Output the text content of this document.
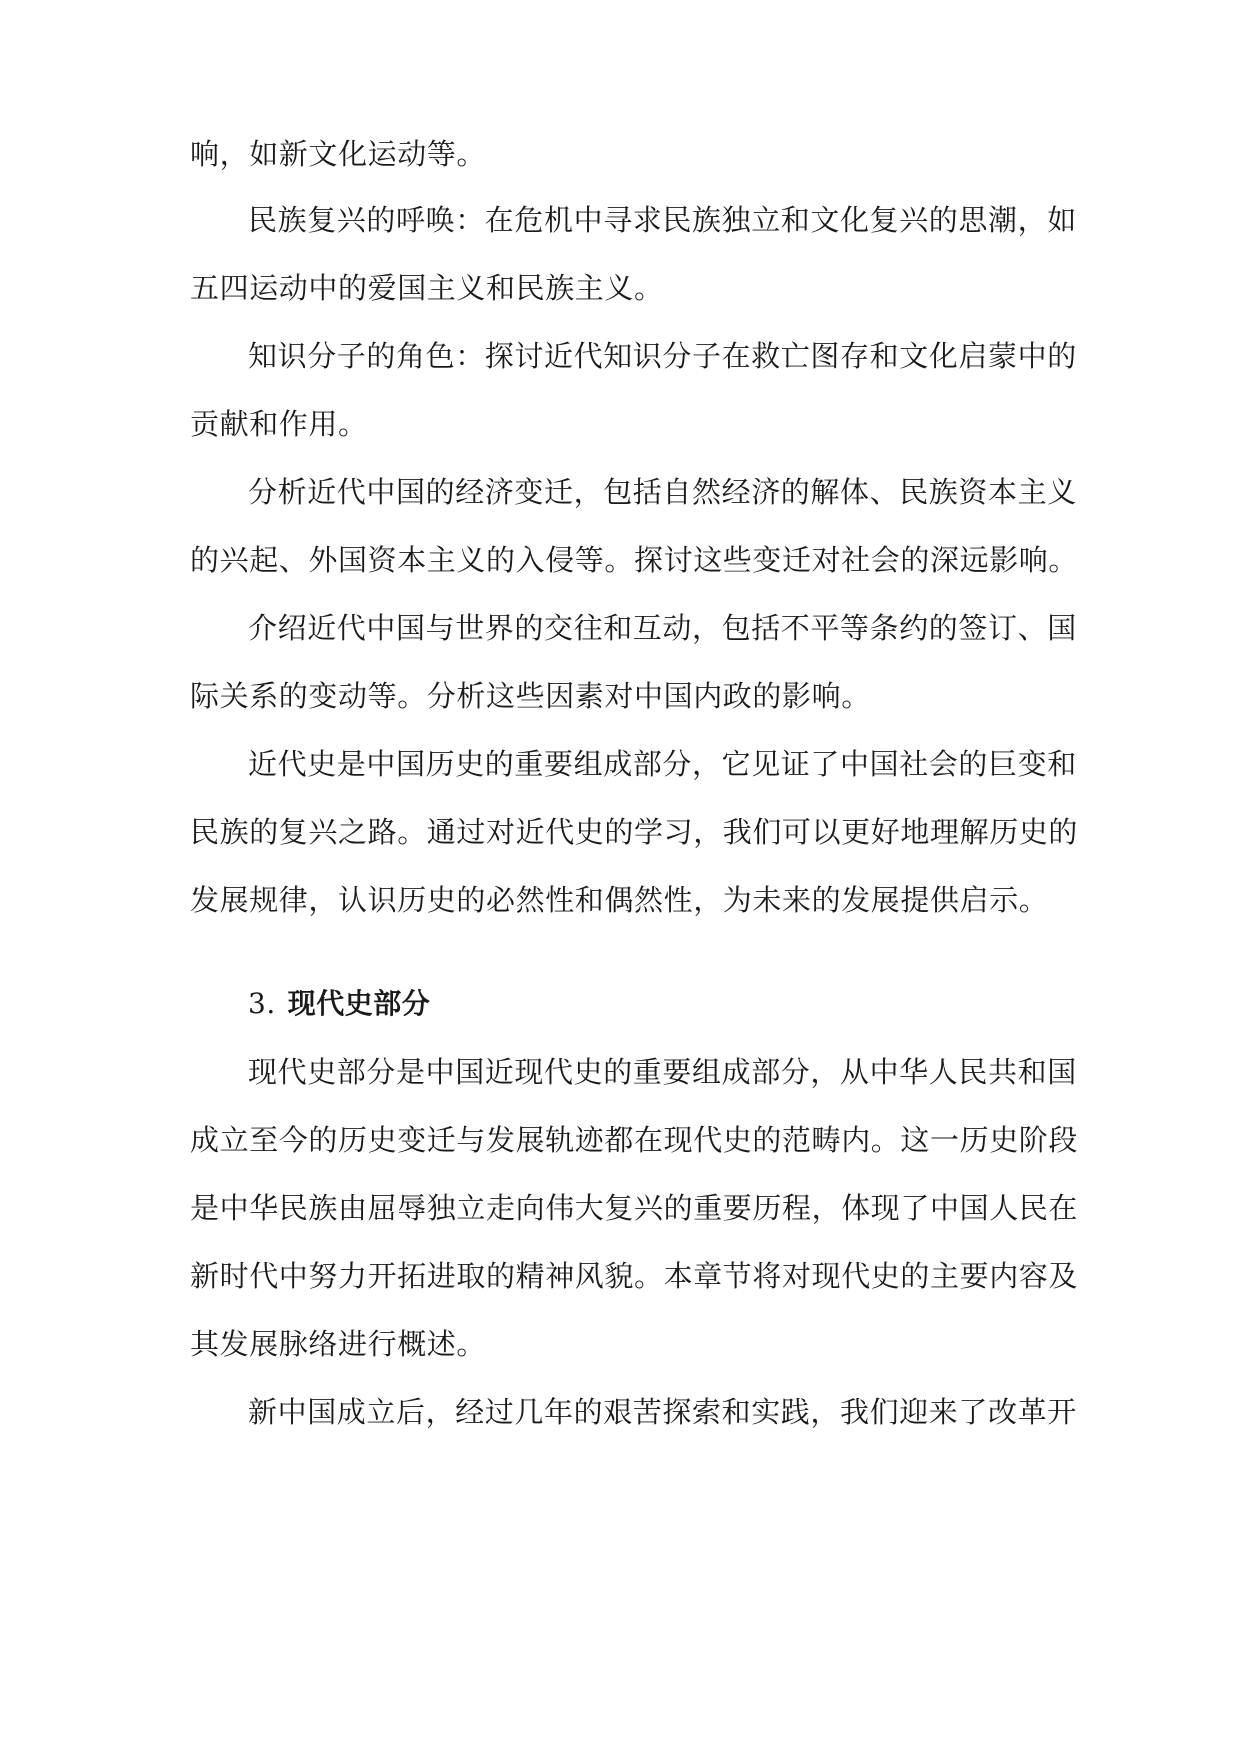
响，如新文化运动等。

民族复兴的呼唤：在危机中寻求民族独立和文化复兴的思潮，如

五四运动中的爱国主义和民族主义。

知识分子的角色：探讨近代知识分子在救亡图存和文化启蒙中的

贡献和作用。

分析近代中国的经济变迁，包括自然经济的解体、民族资本主义

的兴起、外国资本主义的入侵等。探讨这些变迁对社会的深远影响。

介绍近代中国与世界的交往和互动，包括不平等条约的签订、国

际关系的变动等。分析这些因素对中国内政的影响。

近代史是中国历史的重要组成部分，它见证了中国社会的巨变和

民族的复兴之路。通过对近代史的学习，我们可以更好地理解历史的

发展规律，认识历史的必然性和偶然性，为未来的发展提供启示。

3. 现代史部分

现代史部分是中国近现代史的重要组成部分，从中华人民共和国

成立至今的历史变迁与发展轨迹都在现代史的范畴内。这一历史阶段

是中华民族由屈辱独立走向伟大复兴的重要历程，体现了中国人民在

新时代中努力开拓进取的精神风貌。本章节将对现代史的主要内容及

其发展脉络进行概述。

新中国成立后，经过几年的艰苦探索和实践，我们迎来了改革开
